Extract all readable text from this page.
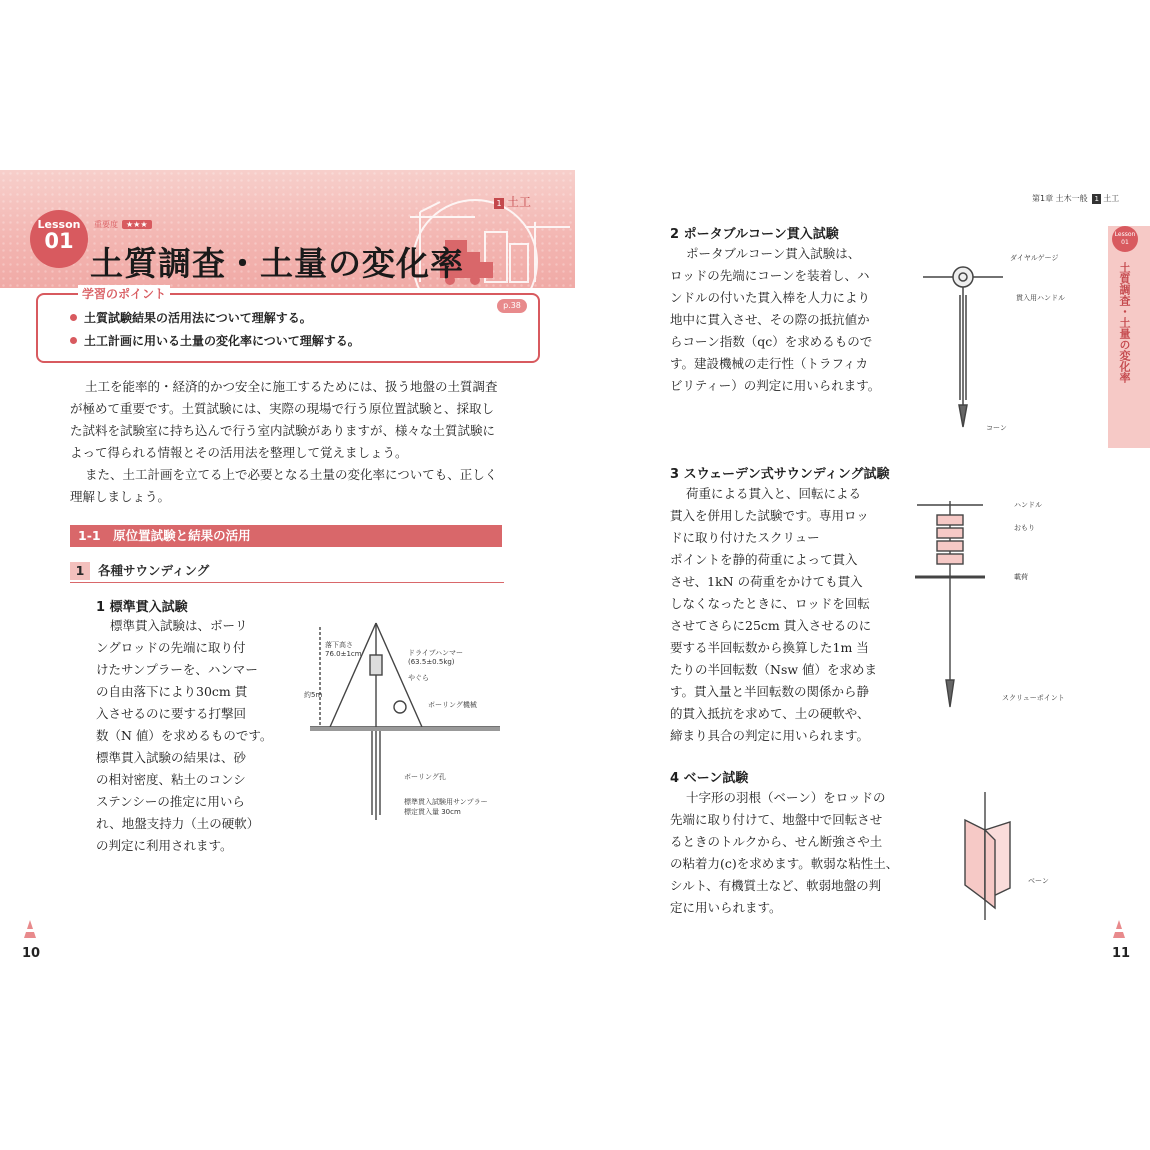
Lesson
01
重要度 ★★★
土質調査・土量の変化率
1 土工
学習のポイント
p.38
土質試験結果の活用法について理解する。
土工計画に用いる土量の変化率について理解する。
土工を能率的・経済的かつ安全に施工するためには、扱う地盤の土質調査
が極めて重要です。土質試験には、実際の現場で行う原位置試験と、採取し
た試料を試験室に持ち込んで行う室内試験がありますが、様々な土質試験に
よって得られる情報とその活用法を整理して覚えましょう。
また、土工計画を立てる上で必要となる土量の変化率についても、正しく
理解しましょう。
1-1　原位置試験と結果の活用
1 各種サウンディング
1 標準貫入試験
標準貫入試験は、ボーリ
ングロッドの先端に取り付
けたサンプラーを、ハンマー
の自由落下により30cm 貫
入させるのに要する打撃回
数（N 値）を求めるものです。
標準貫入試験の結果は、砂
の相対密度、粘土のコンシ
ステンシーの推定に用いら
れ、地盤支持力（土の硬軟）
の判定に利用されます。
落下高さ
76.0±1cm	ドライブハンマー
(63.5±0.5kg)
やぐら
ボーリング機械
約5m
ボーリング孔
標準貫入試験用サンプラー
標定貫入量 30cm
10
第1章 土木一般 1 土工
Lesson
01
土質調査・土量の変化率
2 ポータブルコーン貫入試験
ポータブルコーン貫入試験は、
ロッドの先端にコーンを装着し、ハ
ンドルの付いた貫入棒を人力により
地中に貫入させ、その際の抵抗値か
らコーン指数（qc）を求めるもので
す。建設機械の走行性（トラフィカ
ビリティー）の判定に用いられます。
ダイヤルゲージ
貫入用ハンドル
コーン
3 スウェーデン式サウンディング試験
荷重による貫入と、回転による
貫入を併用した試験です。専用ロッ
ドに取り付けたスクリュー
ポイントを静的荷重によって貫入
させ、1kN の荷重をかけても貫入
しなくなったときに、ロッドを回転
させてさらに25cm 貫入させるのに
要する半回転数から換算した1m 当
たりの半回転数（Nsw 値）を求めま
す。貫入量と半回転数の関係から静
的貫入抵抗を求めて、土の硬軟や、
締まり具合の判定に用いられます。
ハンドル
おもり
載荷
スクリューポイント
4 ベーン試験
十字形の羽根（ベーン）をロッドの
先端に取り付けて、地盤中で回転させ
るときのトルクから、せん断強さや土
の粘着力(c)を求めます。軟弱な粘性土、
シルト、有機質土など、軟弱地盤の判
定に用いられます。
ベーン
11
